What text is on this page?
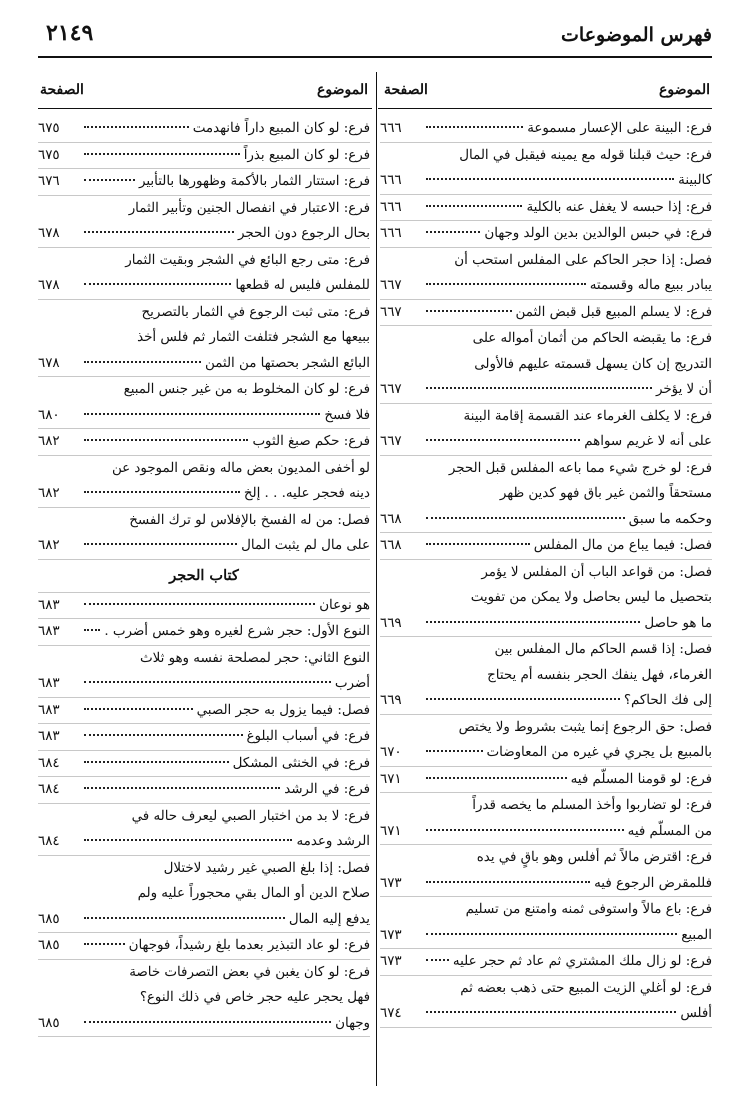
فهرس الموضوعات
٢١٤٩
الموضوع
الصفحة
الموضوع
الصفحة
فرع: البينة على الإعسار مسموعة
٦٦٦
فرع: حيث قبلنا قوله مع يمينه فيقبل في المال
كالبينة
٦٦٦
فرع: إذا حبسه لا يغفل عنه بالكلية
٦٦٦
فرع: في حبس الوالدين بدين الولد وجهان
٦٦٦
فصل: إذا حجر الحاكم على المفلس استحب أن
يبادر ببيع ماله وقسمته
٦٦٧
فرع: لا يسلم المبيع قبل قبض الثمن
٦٦٧
فرع: ما يقبضه الحاكم من أثمان أمواله على
التدريج إن كان يسهل قسمته عليهم فالأولى
أن لا يؤخر
٦٦٧
فرع: لا يكلف الغرماء عند القسمة إقامة البينة
على أنه لا غريم سواهم
٦٦٧
فرع: لو خرج شيء مما باعه المفلس قبل الحجر
مستحقاً والثمن غير باق فهو كدين ظهر
وحكمه ما سبق
٦٦٨
فصل: فيما يباع من مال المفلس
٦٦٨
فصل: من قواعد الباب أن المفلس لا يؤمر
بتحصيل ما ليس بحاصل ولا يمكن من تفويت
ما هو حاصل
٦٦٩
فصل: إذا قسم الحاكم مال المفلس بين
الغرماء، فهل ينفك الحجر بنفسه أم يحتاج
إلى فك الحاكم؟
٦٦٩
فصل: حق الرجوع إنما يثبت بشروط ولا يختص
بالمبيع بل يجري في غيره من المعاوضات
٦٧٠
فرع: لو قومنا المسلّم فيه
٦٧١
فرع: لو تضاربوا وأخذ المسلم ما يخصه قدراً
من المسلّم فيه
٦٧١
فرع: اقترض مالاً ثم أفلس وهو باقٍ في يده
فللمقرض الرجوع فيه
٦٧٣
فرع: باع مالاً واستوفى ثمنه وامتنع من تسليم
المبيع
٦٧٣
فرع: لو زال ملك المشتري ثم عاد ثم حجر عليه
٦٧٣
فرع: لو أغلي الزيت المبيع حتى ذهب بعضه ثم
أفلس
٦٧٤
فرع: لو كان المبيع داراً فانهدمت
٦٧٥
فرع: لو كان المبيع بذراً
٦٧٥
فرع: استتار الثمار بالأكمة وظهورها بالتأبير
٦٧٦
فرع: الاعتبار في انفصال الجنين وتأبير الثمار
بحال الرجوع دون الحجر
٦٧٨
فرع: متى رجع البائع في الشجر وبقيت الثمار
للمفلس فليس له قطعها
٦٧٨
فرع: متى ثبت الرجوع في الثمار بالتصريح
ببيعها مع الشجر فتلفت الثمار ثم فلس أخذ
البائع الشجر بحصتها من الثمن
٦٧٨
فرع: لو كان المخلوط به من غير جنس المبيع
فلا فسخ
٦٨٠
فرع: حكم صبغ الثوب
٦٨٢
لو أخفى المديون بعض ماله ونقص الموجود عن
دينه فحجر عليه. . . إلخ
٦٨٢
فصل: من له الفسخ بالإفلاس لو ترك الفسخ
على مال لم يثبت المال
٦٨٢
كتاب الحجر
هو نوعان
٦٨٣
النوع الأول: حجر شرع لغيره وهو خمس أضرب .
٦٨٣
النوع الثاني: حجر لمصلحة نفسه وهو ثلاث
أضرب
٦٨٣
فصل: فيما يزول به حجر الصبي
٦٨٣
فرع: في أسباب البلوغ
٦٨٣
فرع: في الخنثى المشكل
٦٨٤
فرع: في الرشد
٦٨٤
فرع: لا بد من اختبار الصبي ليعرف حاله في
الرشد وعدمه
٦٨٤
فصل: إذا بلغ الصبي غير رشيد لاختلال
صلاح الدين أو المال بقي محجوراً عليه ولم
يدفع إليه المال
٦٨٥
فرع: لو عاد التبذير بعدما بلغ رشيداً، فوجهان
٦٨٥
فرع: لو كان يغبن في بعض التصرفات خاصة
فهل يحجر عليه حجر خاص في ذلك النوع؟
وجهان
٦٨٥
